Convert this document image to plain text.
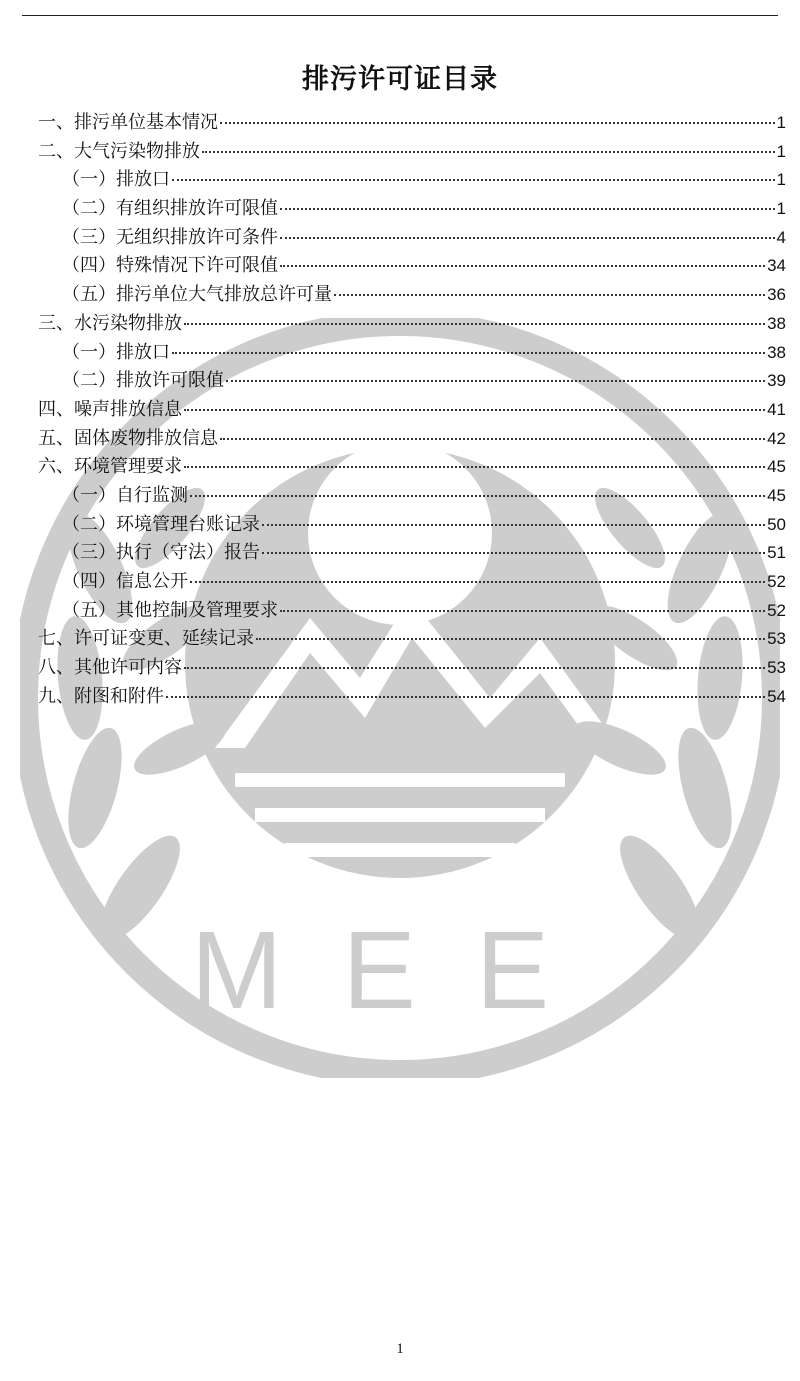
MEE
排污许可证目录
一、排污单位基本情况	1
二、大气污染物排放	1
（一）排放口	1
（二）有组织排放许可限值	1
（三）无组织排放许可条件	4
（四）特殊情况下许可限值	34
（五）排污单位大气排放总许可量	36
三、水污染物排放	38
（一）排放口	38
（二）排放许可限值	39
四、噪声排放信息	41
五、固体废物排放信息	42
六、环境管理要求	45
（一）自行监测	45
（二）环境管理台账记录	50
（三）执行（守法）报告	51
（四）信息公开	52
（五）其他控制及管理要求	52
七、许可证变更、延续记录	53
八、其他许可内容	53
九、附图和附件	54
1
